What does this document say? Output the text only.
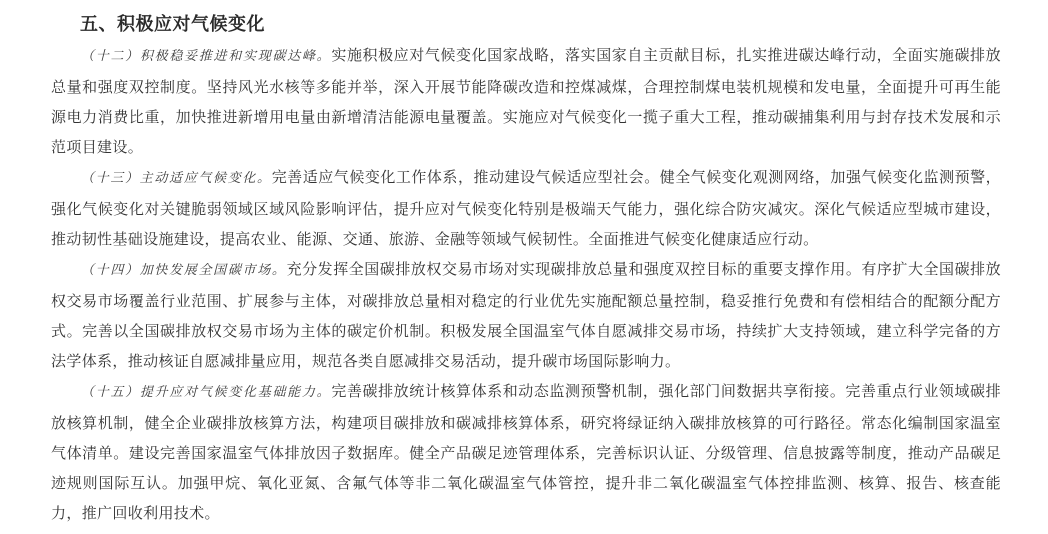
五、积极应对气候变化

（十二）积极稳妥推进和实现碳达峰。实施积极应对气候变化国家战略，落实国家自主贡献目标，扎实推进碳达峰行动，全面实施碳排放总量和强度双控制度。坚持风光水核等多能并举，深入开展节能降碳改造和控煤减煤，合理控制煤电装机规模和发电量，全面提升可再生能源电力消费比重，加快推进新增用电量由新增清洁能源电量覆盖。实施应对气候变化一揽子重大工程，推动碳捕集利用与封存技术发展和示范项目建设。

（十三）主动适应气候变化。完善适应气候变化工作体系，推动建设气候适应型社会。健全气候变化观测网络，加强气候变化监测预警，强化气候变化对关键脆弱领域区域风险影响评估，提升应对气候变化特别是极端天气能力，强化综合防灾减灾。深化气候适应型城市建设，推动韧性基础设施建设，提高农业、能源、交通、旅游、金融等领域气候韧性。全面推进气候变化健康适应行动。

（十四）加快发展全国碳市场。充分发挥全国碳排放权交易市场对实现碳排放总量和强度双控目标的重要支撑作用。有序扩大全国碳排放权交易市场覆盖行业范围、扩展参与主体，对碳排放总量相对稳定的行业优先实施配额总量控制，稳妥推行免费和有偿相结合的配额分配方式。完善以全国碳排放权交易市场为主体的碳定价机制。积极发展全国温室气体自愿减排交易市场，持续扩大支持领域，建立科学完备的方法学体系，推动核证自愿减排量应用，规范各类自愿减排交易活动，提升碳市场国际影响力。

（十五）提升应对气候变化基础能力。完善碳排放统计核算体系和动态监测预警机制，强化部门间数据共享衔接。完善重点行业领域碳排放核算机制，健全企业碳排放核算方法，构建项目碳排放和碳减排核算体系，研究将绿证纳入碳排放核算的可行路径。常态化编制国家温室气体清单。建设完善国家温室气体排放因子数据库。健全产品碳足迹管理体系，完善标识认证、分级管理、信息披露等制度，推动产品碳足迹规则国际互认。加强甲烷、氧化亚氮、含氟气体等非二氧化碳温室气体管控，提升非二氧化碳温室气体控排监测、核算、报告、核查能力，推广回收利用技术。
